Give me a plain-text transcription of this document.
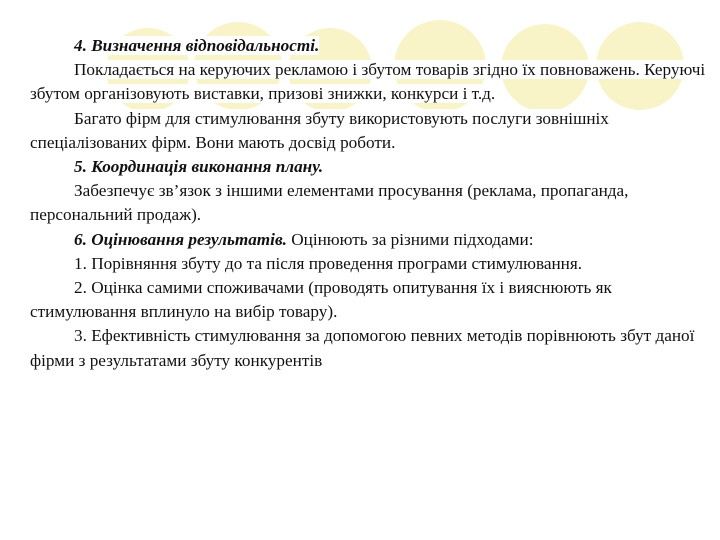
4. Визначення відповідальності.

Покладається на керуючих рекламою і збутом товарів згідно їх повноважень. Керуючі збутом організовують виставки, призові знижки, конкурси і т.д.

Багато фірм для стимулювання збуту використовують послуги зовнішніх спеціалізованих фірм. Вони мають досвід роботи.

5. Координація виконання плану.

Забезпечує зв’язок з іншими елементами просування (реклама, пропаганда, персональний продаж).

6. Оцінювання результатів. Оцінюють за різними підходами:

1. Порівняння збуту до та після проведення програми стимулювання.

2. Оцінка самими споживачами (проводять опитування їх і вияснюють як стимулювання вплинуло на вибір товару).

3. Ефективність стимулювання за допомогою певних методів порівнюють збут даної фірми з результатами збуту конкурентів
